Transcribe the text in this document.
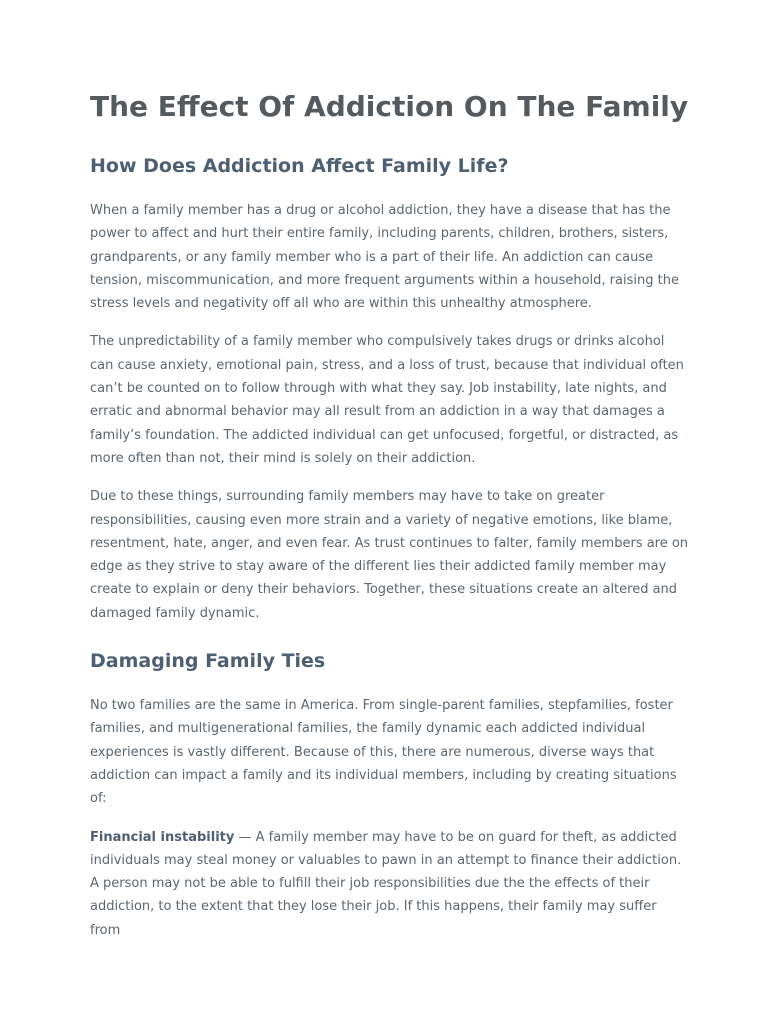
The Effect Of Addiction On The Family
How Does Addiction Affect Family Life?

When a family member has a drug or alcohol addiction, they have a disease that has the power to affect and hurt their entire family, including parents, children, brothers, sisters, grandparents, or any family member who is a part of their life. An addiction can cause tension, miscommunication, and more frequent arguments within a household, raising the stress levels and negativity off all who are within this unhealthy atmosphere.

The unpredictability of a family member who compulsively takes drugs or drinks alcohol can cause anxiety, emotional pain, stress, and a loss of trust, because that individual often can’t be counted on to follow through with what they say. Job instability, late nights, and erratic and abnormal behavior may all result from an addiction in a way that damages a family’s foundation. The addicted individual can get unfocused, forgetful, or distracted, as more often than not, their mind is solely on their addiction.

Due to these things, surrounding family members may have to take on greater responsibilities, causing even more strain and a variety of negative emotions, like blame, resentment, hate, anger, and even fear. As trust continues to falter, family members are on edge as they strive to stay aware of the different lies their addicted family member may create to explain or deny their behaviors. Together, these situations create an altered and damaged family dynamic.

Damaging Family Ties

No two families are the same in America. From single-parent families, stepfamilies, foster families, and multigenerational families, the family dynamic each addicted individual experiences is vastly different. Because of this, there are numerous, diverse ways that addiction can impact a family and its individual members, including by creating situations of:

Financial instability — A family member may have to be on guard for theft, as addicted individuals may steal money or valuables to pawn in an attempt to finance their addiction. A person may not be able to fulfill their job responsibilities due the the effects of their addiction, to the extent that they lose their job. If this happens, their family may suffer from
